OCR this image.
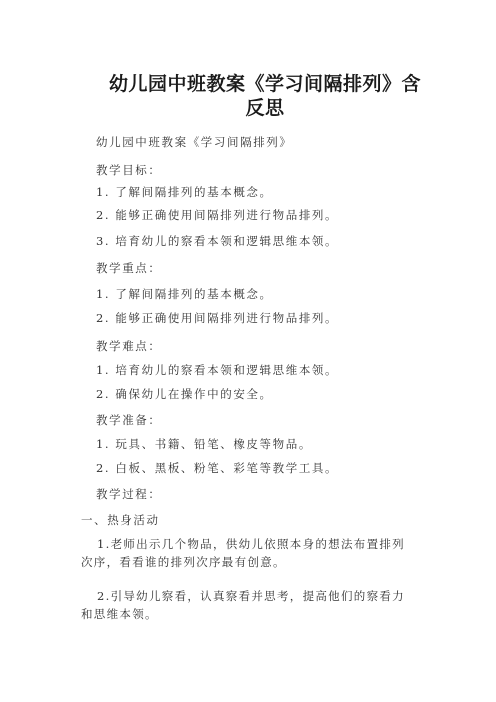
幼儿园中班教案《学习间隔排列》含反思
幼儿园中班教案《学习间隔排列》
教学目标：
1. 了解间隔排列的基本概念。
2. 能够正确使用间隔排列进行物品排列。
3. 培育幼儿的察看本领和逻辑思维本领。
教学重点：
1. 了解间隔排列的基本概念。
2. 能够正确使用间隔排列进行物品排列。
教学难点：
1. 培育幼儿的察看本领和逻辑思维本领。
2. 确保幼儿在操作中的安全。
教学准备：
1. 玩具、书籍、铅笔、橡皮等物品。
2. 白板、黑板、粉笔、彩笔等教学工具。
教学过程：
一、热身活动
1.老师出示几个物品，供幼儿依照本身的想法布置排列次序，看看谁的排列次序最有创意。
2.引导幼儿察看，认真察看并思考，提高他们的察看力和思维本领。
